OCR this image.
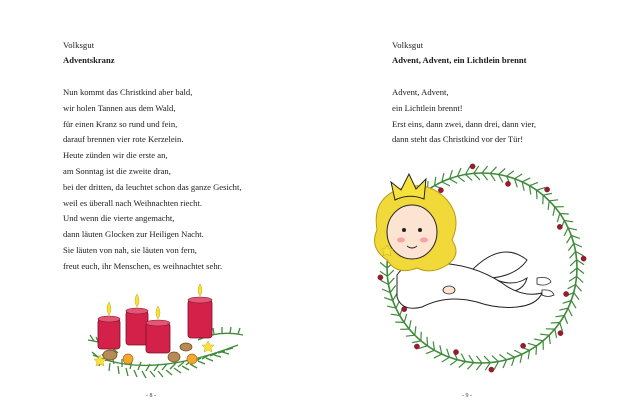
Volksgut
Adventskranz
Nun kommt das Christkind aber bald,
wir holen Tannen aus dem Wald,
für einen Kranz so rund und fein,
darauf brennen vier rote Kerzelein.
Heute zünden wir die erste an,
am Sonntag ist die zweite dran,
bei der dritten, da leuchtet schon das ganze Gesicht,
weil es überall nach Weihnachten riecht.
Und wenn die vierte angemacht,
dann läuten Glocken zur Heiligen Nacht.
Sie läuten von nah, sie läuten von fern,
freut euch, ihr Menschen, es weihnachtet sehr.
- 8 -
Volksgut
Advent, Advent, ein Lichtlein brennt
Advent, Advent,
ein Lichtlein brennt!
Erst eins, dann zwei, dann drei, dann vier,
dann steht das Christkind vor der Tür!
- 9 -
